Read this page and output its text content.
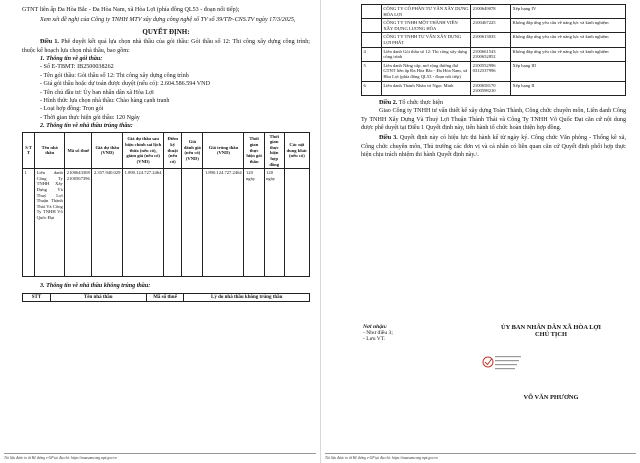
GTNT liên ấp Đa Hòa Bắc - Đa Hòa Nam, xã Hòa Lợi (phía đông QL53 - đoạn nối tiếp);

Xem xét đề nghị của Công ty TNHH MTV xây dựng công nghệ số TV số 39/TTr-CNS.TV ngày 17/3/2025,

QUYẾT ĐỊNH:

Điều 1. Phê duyệt kết quả lựa chọn nhà thầu của gói thầu: Gói thầu số 12: Thi công xây dựng công trình; thuộc kế hoạch lựa chọn nhà thầu, bao gồm:

1. Thông tin về gói thầu:

- Số E-TBMT: IB2500038262

- Tên gói thầu: Gói thầu số 12: Thi công xây dựng công trình

- Giá gói thầu hoặc dự toán được duyệt (nếu có): 2.604.586.594 VND

- Tên chủ đầu tư: Ủy ban nhân dân xã Hòa Lợi

- Hình thức lựa chọn nhà thầu: Chào hàng cạnh tranh

- Loại hợp đồng: Trọn gói

- Thời gian thực hiện gói thầu: 120 Ngày

2. Thông tin về nhà thầu trúng thầu:

S T T	Tên nhà thầu	Mã số thuế	Giá dự thầu (VND)	Giá dự thầu sau hiệu chỉnh sai lệch thừa (nếu có), giảm giá (nếu có) (VND)	Điểm kỹ thuật (nếu có)	Giá đánh giá (nếu có) (VND)	Giá trúng thầu (VND)	Thời gian thực hiện gói thầu	Thời gian thực hiện hợp đồng	Các nội dung khác (nếu có)
1	Liên danh Công Ty TNHH Xây Dựng Và Thuỷ Lợi Thuận Thành Thái Và Công Ty TNHH Võ Quốc Đạt	2100643308 2100567396	2.357.940.029	1.890.124.727.2464			1.890.124.727.2464	120 ngày	120 ngày	

3. Thông tin về nhà thầu không trúng thầu:

STT	Tên nhà thầu	Mã số thuế	Lý do nhà thầu không trúng thầu
Tài liệu được in từ Hệ thống e-GP tại địa chỉ: https://muasamcong.mpi.gov.vn
	CÔNG TY CỔ PHẦN TƯ VẤN XÂY DỰNG HÒA LỢI	2100649078	Xếp hạng IV
	CÔNG TY TNHH MỘT THÀNH VIÊN XÂY DỰNG LƯƠNG HÒA	2100467225	Không đáp ứng yêu cầu về năng lực và kinh nghiệm
	CÔNG TY TNHH TƯ VẤN XÂY DỰNG LỢI PHÁT	2100613035	Không đáp ứng yêu cầu về năng lực và kinh nghiệm
4	Liên danh Gói thầu số 12: Thi công xây dựng công trình	2100661543 2100652852	Không đáp ứng yêu cầu về năng lực và kinh nghiệm
5	Liên danh Nâng cấp, mở rộng đường đal GTNT liên ấp Đa Hòa Bắc - Đa Hòa Nam, xã Hòa Lợi (phía đông QL53 - đoạn nối tiếp)	2100552996 0312537996	Xếp hạng III
6	Liên danh Thanh Nhàn và Ngọc Minh	2100658170 2100598210	Xếp hạng II

Điều 2. Tổ chức thực hiện

Giao Công ty TNHH tư vấn thiết kế xây dựng Toàn Thành, Công chức chuyên môn, Liên danh Công Ty TNHH Xây Dựng Và Thuỷ Lợi Thuận Thành Thái và Công Ty TNHH Võ Quốc Đạt căn cứ nội dung được phê duyệt tại Điều 1 Quyết định này, tiến hành tổ chức hoàn thiện hợp đồng.

Điều 3. Quyết định này có hiệu lực thi hành kể từ ngày ký. Công chức Văn phòng - Thống kê xã, Công chức chuyên môn, Thủ trưởng các đơn vị và cá nhân có liên quan căn cứ Quyết định phối hợp thực hiện chịu trách nhiệm thi hành Quyết định này./.

Nơi nhận:
- Như điều 3;
- Lưu VT.
ỦY BAN NHÂN DÂN XÃ HÒA LỢI
CHỦ TỊCH
VÕ VĂN PHƯƠNG
Tài liệu được in từ Hệ thống e-GP tại địa chỉ: https://muasamcong.mpi.gov.vn
